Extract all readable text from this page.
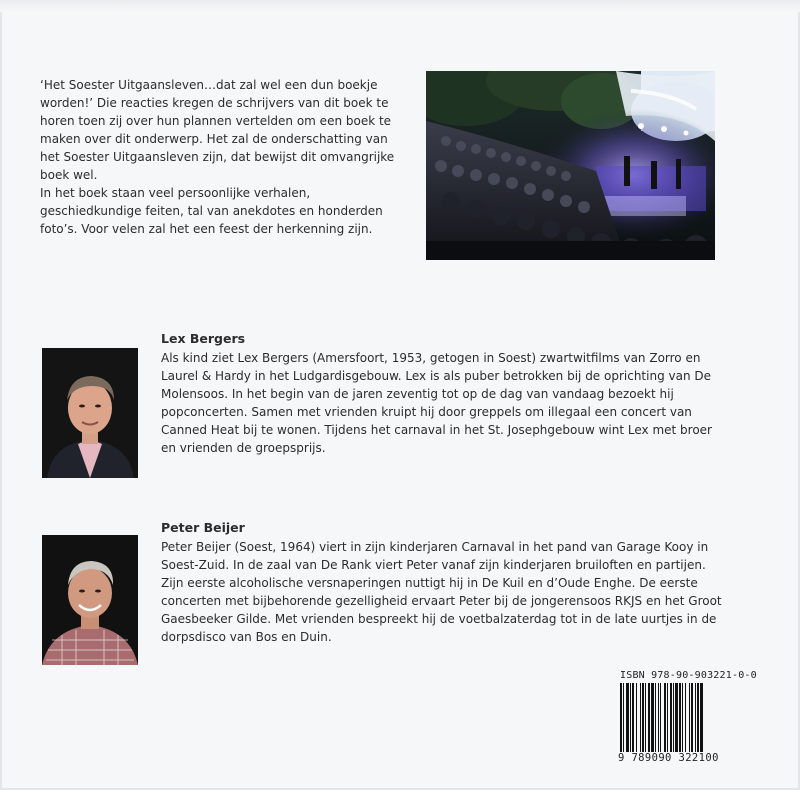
‘Het Soester Uitgaansleven…dat zal wel een dun boekje worden!’ Die reacties kregen de schrijvers van dit boek te horen toen zij over hun plannen vertelden om een boek te maken over dit onderwerp. Het zal de onderschatting van het Soester Uitgaansleven zijn, dat bewijst dit omvangrijke boek wel.

In het boek staan veel persoonlijke verhalen, geschiedkundige feiten, tal van anekdotes en honderden foto’s. Voor velen zal het een feest der herkenning zijn.

Lex Bergers

Als kind ziet Lex Bergers (Amersfoort, 1953, getogen in Soest) zwartwitfilms van Zorro en Laurel & Hardy in het Ludgardisgebouw. Lex is als puber betrokken bij de oprichting van De Molensoos. In het begin van de jaren zeventig tot op de dag van vandaag bezoekt hij popconcerten. Samen met vrienden kruipt hij door greppels om illegaal een concert van Canned Heat bij te wonen. Tijdens het carnaval in het St. Josephgebouw wint Lex met broer en vrienden de groepsprijs.

Peter Beijer

Peter Beijer (Soest, 1964) viert in zijn kinderjaren Carnaval in het pand van Garage Kooy in Soest-Zuid. In de zaal van De Rank viert Peter vanaf zijn kinderjaren bruiloften en partijen. Zijn eerste alcoholische versnaperingen nuttigt hij in De Kuil en d’Oude Enghe. De eerste concerten met bijbehorende gezelligheid ervaart Peter bij de jongerensoos RKJS en het Groot Gaesbeeker Gilde. Met vrienden bespreekt hij de voetbalzaterdag tot in de late uurtjes in de dorpsdisco van Bos en Duin.

ISBN 978-90-903221-0-0
9 789090 322100
